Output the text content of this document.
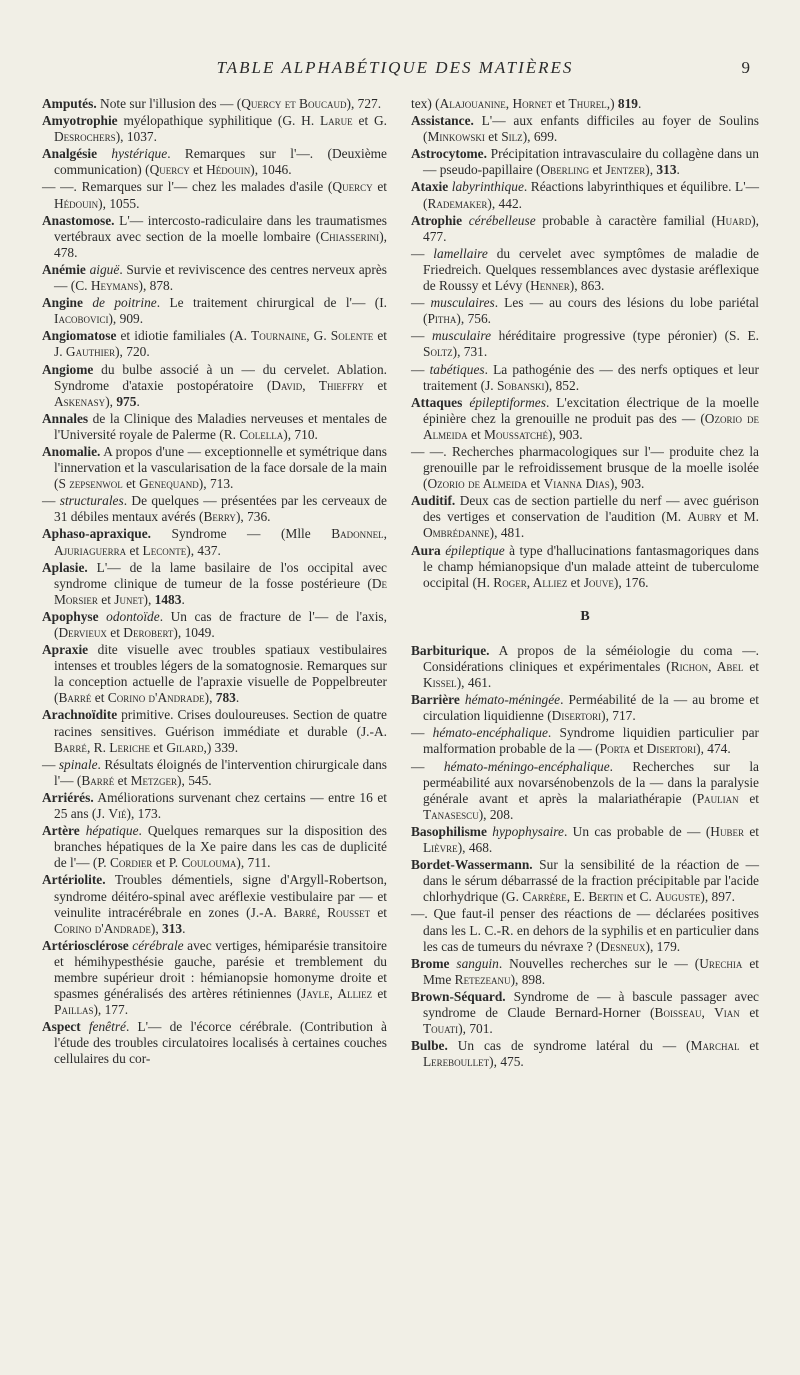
TABLE ALPHABÉTIQUE DES MATIÈRES	9

Amputés. Note sur l'illusion des — (Quercy et Boucaud), 727.

Amyotrophie myélopathique syphilitique (G. H. Laruе et G. Desrochers), 1037.

Analgésie hystérique. Remarques sur l'—. (Deuxième communication) (Quercy et Hédouin), 1046.

— —. Remarques sur l'— chez les malades d'asile (Quercy et Hédouin), 1055.

Anastomose. L'— intercosto-radiculaire dans les traumatismes vertébraux avec section de la moelle lombaire (Chiasserini), 478.

Anémie aiguë. Survie et reviviscence des centres nerveux après — (C. Heymans), 878.

Angine de poitrine. Le traitement chirurgical de l'— (I. Iacobovici), 909.

Angiomatose et idiotie familiales (A. Tournaine, G. Solente et J. Gauthier), 720.

Angiome du bulbe associé à un — du cervelet. Ablation. Syndrome d'ataxie postopératoire (David, Thieffry et Askenasy), 975.

Annales de la Clinique des Maladies nerveuses et mentales de l'Université royale de Palerme (R. Colella), 710.

Anomalie. A propos d'une — exceptionnelle et symétrique dans l'innervation et la vascularisation de la face dorsale de la main (S zepsenwol et Genequand), 713.

— structurales. De quelques — présentées par les cerveaux de 31 débiles mentaux avérés (Berry), 736.

Aphaso-apraxique. Syndrome — (Mlle Badonnel, Ajuriaguerra et Leconte), 437.

Aplasie. L'— de la lame basilaire de l'os occipital avec syndrome clinique de tumeur de la fosse postérieure (De Morsier et Junet), 1483.

Apophyse odontoïde. Un cas de fracture de l'— de l'axis, (Dervieux et Derobert), 1049.

Apraxie dite visuelle avec troubles spatiaux vestibulaires intenses et troubles légers de la somatognosie. Remarques sur la conception actuelle de l'apraxie visuelle de Poppelbreuter (Barré et Corino d'Andrade), 783.

Arachnoïdite primitive. Crises douloureuses. Section de quatre racines sensitives. Guérison immédiate et durable (J.-A. Barré, R. Leriche et Gilard,) 339.

— spinale. Résultats éloignés de l'intervention chirurgicale dans l'— (Barré et Metzger), 545.

Arriérés. Améliorations survenant chez certains — entre 16 et 25 ans (J. Vié), 173.

Artère hépatique. Quelques remarques sur la disposition des branches hépatiques de la Xe paire dans les cas de duplicité de l'— (P. Cordier et P. Coulouma), 711.

Artériolite. Troubles démentiels, signe d'Argyll-Robertson, syndrome déitéro-spinal avec aréflexie vestibulaire par — et veinulite intracérébrale en zones (J.-A. Barré, Rousset et Corino d'Andrade), 313.

Artériosclérose cérébrale avec vertiges, hémiparésie transitoire et hémihypesthésie gauche, parésie et tremblement du membre supérieur droit : hémianopsie homonyme droite et spasmes généralisés des artères rétiniennes (Jayle, Alliez et Paillas), 177.

Aspect fenêtré. L'— de l'écorce cérébrale. (Contribution à l'étude des troubles circulatoires localisés à certaines couches cellulaires du cor-

tex) (Alajouanine, Hornet et Thurel,) 819.

Assistance. L'— aux enfants difficiles au foyer de Soulins (Minkowski et Silz), 699.

Astrocytome. Précipitation intravasculaire du collagène dans un — pseudo-papillaire (Oberling et Jentzer), 313.

Ataxie labyrinthique. Réactions labyrinthiques et équilibre. L'— (Rademaker), 442.

Atrophie cérébelleuse probable à caractère familial (Huard), 477.

— lamellaire du cervelet avec symptômes de maladie de Friedreich. Quelques ressemblances avec dystasie aréflexique de Roussy et Lévy (Henner), 863.

— musculaires. Les — au cours des lésions du lobe pariétal (Pitha), 756.

— musculaire héréditaire progressive (type péronier) (S. E. Soltz), 731.

— tabétiques. La pathogénie des — des nerfs optiques et leur traitement (J. Sobanski), 852.

Attaques épileptiformes. L'excitation électrique de la moelle épinière chez la grenouille ne produit pas des — (Ozorio de Almeida et Moussatché), 903.

— —. Recherches pharmacologiques sur l'— produite chez la grenouille par le refroidissement brusque de la moelle isolée (Ozorio de Almeida et Vianna Dias), 903.

Auditif. Deux cas de section partielle du nerf — avec guérison des vertiges et conservation de l'audition (M. Aubry et M. Ombrédanne), 481.

Aura épileptique à type d'hallucinations fantasmagoriques dans le champ hémianopsique d'un malade atteint de tuberculome occipital (H. Roger, Alliez et Jouve), 176.

B

Barbiturique. A propos de la séméiologie du coma —. Considérations cliniques et expérimentales (Richon, Abel et Kissel), 461.

Barrière hémato-méningée. Perméabilité de la — au brome et circulation liquidienne (Disertori), 717.

— hémato-encéphalique. Syndrome liquidien particulier par malformation probable de la — (Porta et Disertori), 474.

— hémato-méningo-encéphalique. Recherches sur la perméabilité aux novarsénobenzols de la — dans la paralysie générale avant et après la malariathérapie (Paulian et Tanasescu), 208.

Basophilisme hypophysaire. Un cas probable de — (Huber et Lièvre), 468.

Bordet-Wassermann. Sur la sensibilité de la réaction de — dans le sérum débarrassé de la fraction précipitable par l'acide chlorhydrique (G. Carrère, E. Bertin et C. Auguste), 897.

—. Que faut-il penser des réactions de — déclarées positives dans les L. C.-R. en dehors de la syphilis et en particulier dans les cas de tumeurs du névraxe ? (Desneux), 179.

Brome sanguin. Nouvelles recherches sur le — (Urechia et Mme Retezeanu), 898.

Brown-Séquard. Syndrome de — à bascule passager avec syndrome de Claude Bernard-Horner (Boisseau, Vian et Touati), 701.

Bulbe. Un cas de syndrome latéral du — (Marchal et Lereboullet), 475.
